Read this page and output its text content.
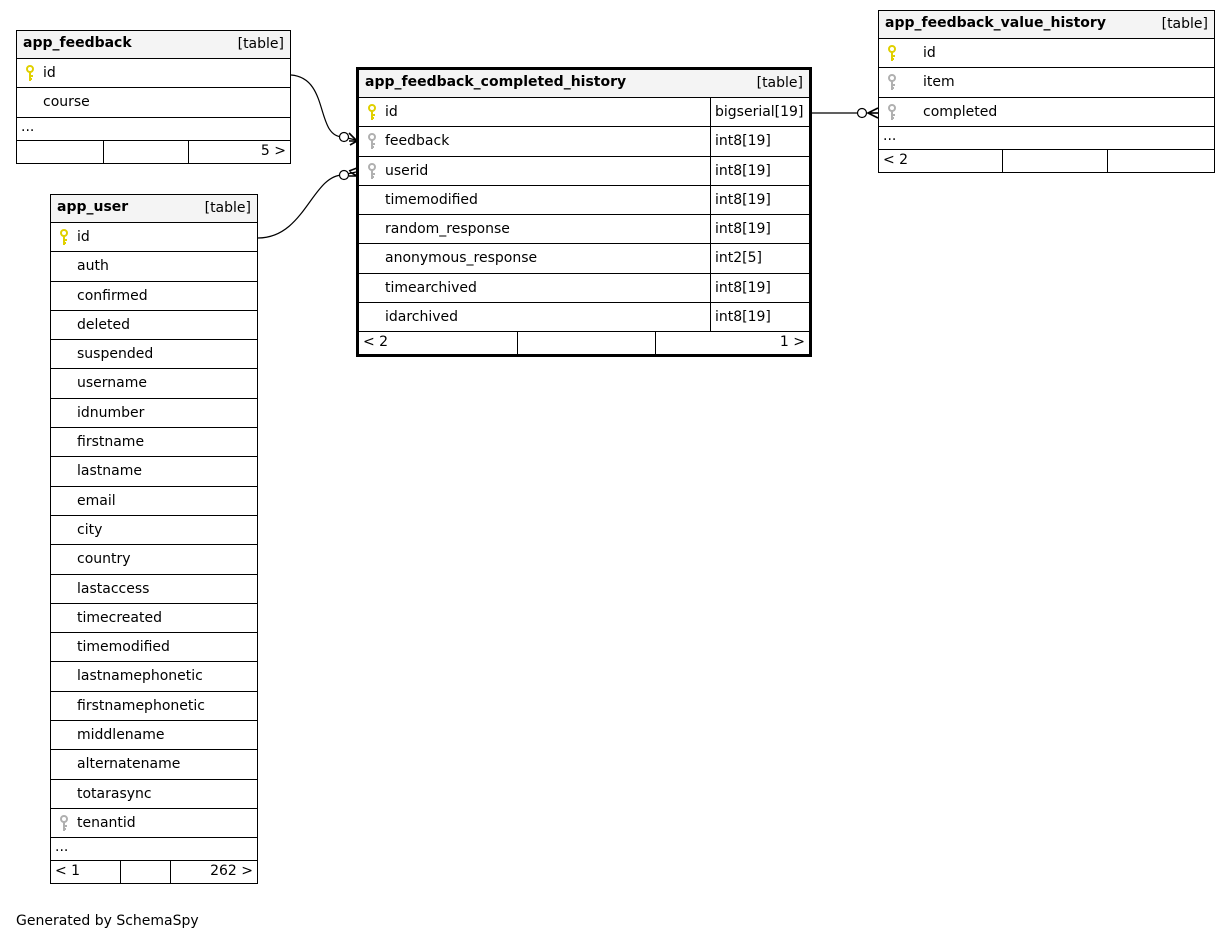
app_feedback	[table]
id
course
...
5 >
app_user	[table]
id
auth
confirmed
deleted
suspended
username
idnumber
firstname
lastname
email
city
country
lastaccess
timecreated
timemodified
lastnamephonetic
firstnamephonetic
middlename
alternatename
totarasync
tenantid
...
< 1	262 >
app_feedback_completed_history	[table]
id	bigserial[19]
feedback	int8[19]
userid	int8[19]
timemodified	int8[19]
random_response	int8[19]
anonymous_response	int2[5]
timearchived	int8[19]
idarchived	int8[19]
< 2	1 >
app_feedback_value_history	[table]
id
item
completed
...
< 2
Generated by SchemaSpy
